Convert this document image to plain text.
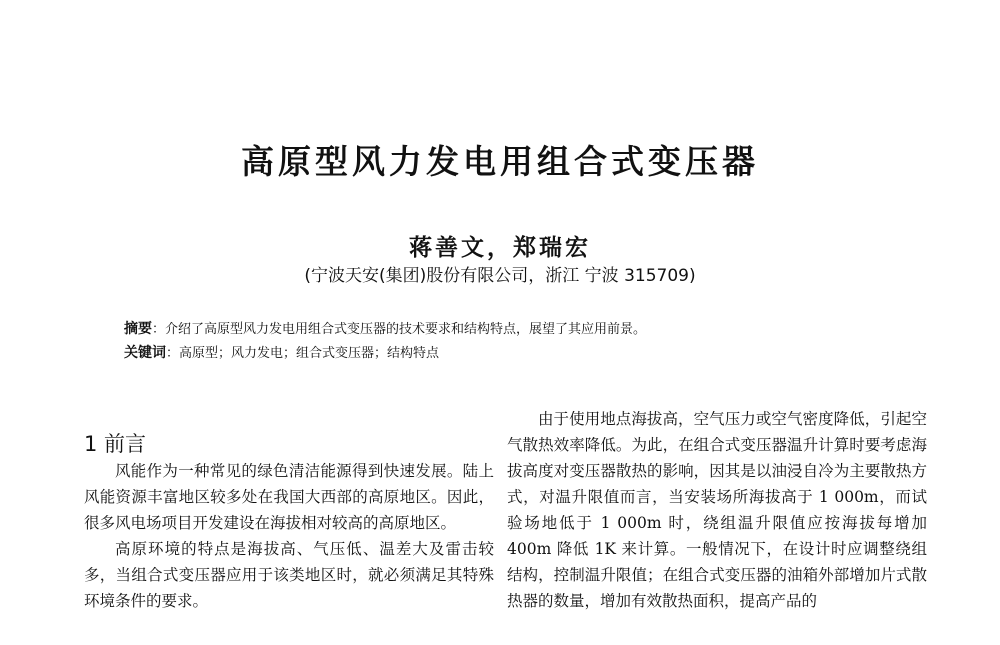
高原型风力发电用组合式变压器
蒋善文，郑瑞宏
(宁波天安(集团)股份有限公司，浙江 宁波 315709)
摘要：介绍了高原型风力发电用组合式变压器的技术要求和结构特点，展望了其应用前景。
关键词：高原型；风力发电；组合式变压器；结构特点
1 前言

风能作为一种常见的绿色清洁能源得到快速发展。陆上风能资源丰富地区较多处在我国大西部的高原地区。因此，很多风电场项目开发建设在海拔相对较高的高原地区。

高原环境的特点是海拔高、气压低、温差大及雷击较多，当组合式变压器应用于该类地区时，就必须满足其特殊环境条件的要求。

由于使用地点海拔高，空气压力或空气密度降低，引起空气散热效率降低。为此，在组合式变压器温升计算时要考虑海拔高度对变压器散热的影响，因其是以油浸自冷为主要散热方式，对温升限值而言，当安装场所海拔高于 1 000m，而试验场地低于 1 000m 时，绕组温升限值应按海拔每增加 400m 降低 1K 来计算。一般情况下，在设计时应调整绕组结构，控制温升限值；在组合式变压器的油箱外部增加片式散热器的数量，增加有效散热面积，提高产品的
